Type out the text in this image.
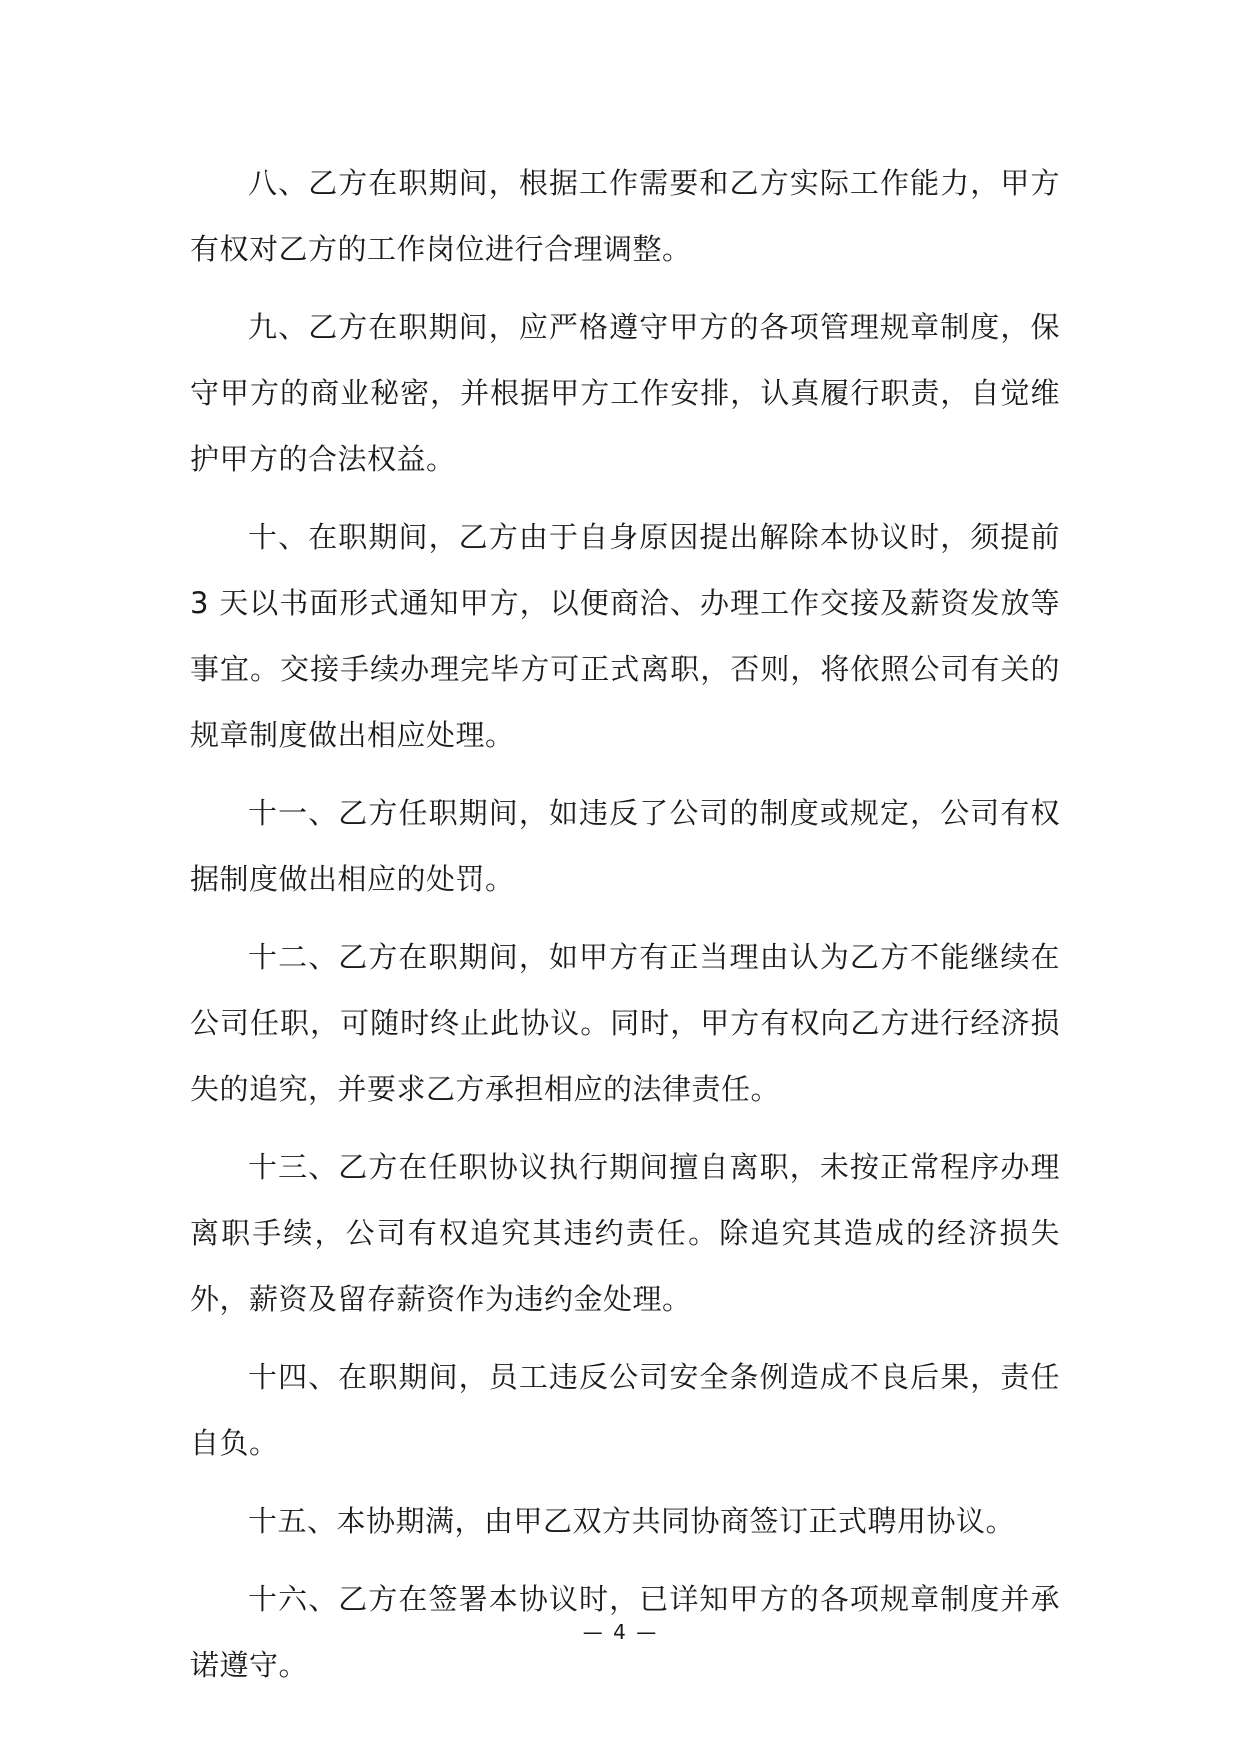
八、乙方在职期间，根据工作需要和乙方实际工作能力，甲方有权对乙方的工作岗位进行合理调整。

九、乙方在职期间，应严格遵守甲方的各项管理规章制度，保守甲方的商业秘密，并根据甲方工作安排，认真履行职责，自觉维护甲方的合法权益。

十、在职期间，乙方由于自身原因提出解除本协议时，须提前 3 天以书面形式通知甲方，以便商洽、办理工作交接及薪资发放等事宜。交接手续办理完毕方可正式离职，否则，将依照公司有关的规章制度做出相应处理。

十一、乙方任职期间，如违反了公司的制度或规定，公司有权据制度做出相应的处罚。

十二、乙方在职期间，如甲方有正当理由认为乙方不能继续在公司任职，可随时终止此协议。同时，甲方有权向乙方进行经济损失的追究，并要求乙方承担相应的法律责任。

十三、乙方在任职协议执行期间擅自离职，未按正常程序办理离职手续，公司有权追究其违约责任。除追究其造成的经济损失外，薪资及留存薪资作为违约金处理。

十四、在职期间，员工违反公司安全条例造成不良后果，责任自负。

十五、本协期满，由甲乙双方共同协商签订正式聘用协议。

十六、乙方在签署本协议时，已详知甲方的各项规章制度并承诺遵守。

— 4 —
